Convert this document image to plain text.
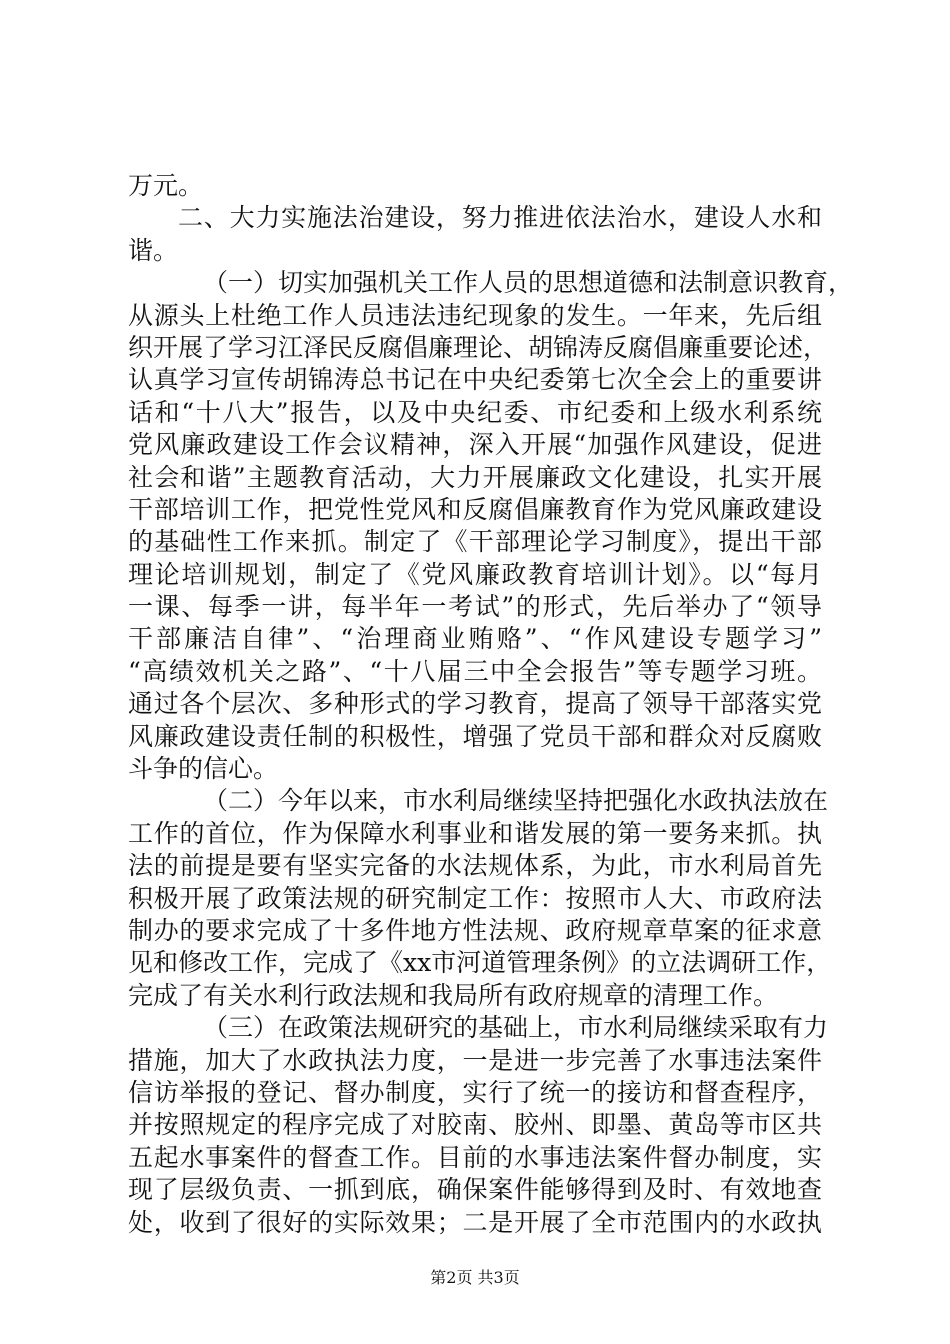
万元。
二、大力实施法治建设，努力推进依法治水，建设人水和
谐。
（一）切实加强机关工作人员的思想道德和法制意识教育，
从源头上杜绝工作人员违法违纪现象的发生。一年来，先后组
织开展了学习江泽民反腐倡廉理论、胡锦涛反腐倡廉重要论述，
认真学习宣传胡锦涛总书记在中央纪委第七次全会上的重要讲
话和“十八大”报告，以及中央纪委、市纪委和上级水利系统
党风廉政建设工作会议精神，深入开展“加强作风建设，促进
社会和谐”主题教育活动，大力开展廉政文化建设，扎实开展
干部培训工作，把党性党风和反腐倡廉教育作为党风廉政建设
的基础性工作来抓。制定了《干部理论学习制度》，提出干部
理论培训规划，制定了《党风廉政教育培训计划》。以“每月
一课、每季一讲，每半年一考试”的形式，先后举办了“领导
干部廉洁自律”、“治理商业贿赂”、“作风建设专题学习”
“高绩效机关之路”、“十八届三中全会报告”等专题学习班。
通过各个层次、多种形式的学习教育，提高了领导干部落实党
风廉政建设责任制的积极性，增强了党员干部和群众对反腐败
斗争的信心。
（二）今年以来，市水利局继续坚持把强化水政执法放在
工作的首位，作为保障水利事业和谐发展的第一要务来抓。执
法的前提是要有坚实完备的水法规体系，为此，市水利局首先
积极开展了政策法规的研究制定工作：按照市人大、市政府法
制办的要求完成了十多件地方性法规、政府规章草案的征求意
见和修改工作，完成了《xx市河道管理条例》的立法调研工作，
完成了有关水利行政法规和我局所有政府规章的清理工作。
（三）在政策法规研究的基础上，市水利局继续采取有力
措施，加大了水政执法力度，一是进一步完善了水事违法案件
信访举报的登记、督办制度，实行了统一的接访和督查程序，
并按照规定的程序完成了对胶南、胶州、即墨、黄岛等市区共
五起水事案件的督查工作。目前的水事违法案件督办制度，实
现了层级负责、一抓到底，确保案件能够得到及时、有效地查
处，收到了很好的实际效果；二是开展了全市范围内的水政执
第2页 共3页
